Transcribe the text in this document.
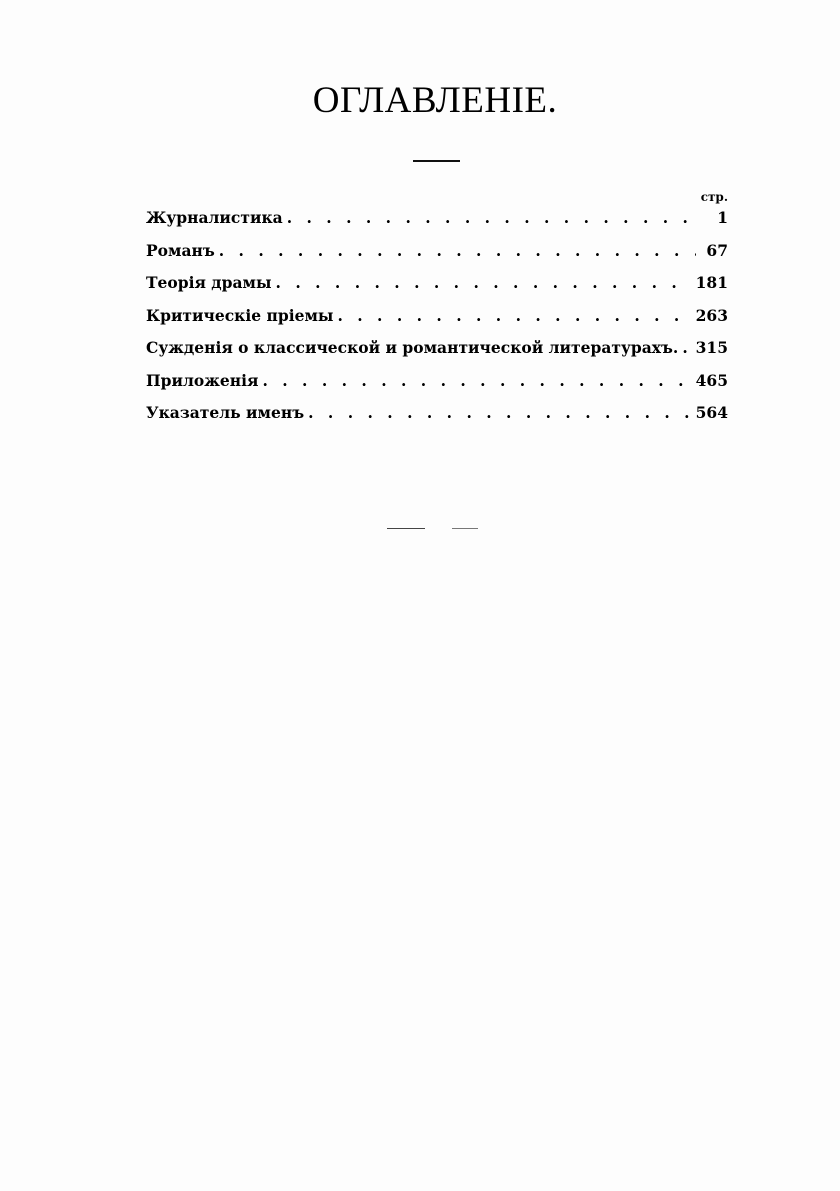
ОГЛАВЛЕНІЕ.
стр.
Журналистика . . .	1
Романъ . . .	67
Теорія драмы . . .	181
Критическіе пріемы . . .	263
Сужденія о классической и романтической литературахъ. . . . 315
Приложенія . . .	465
Указатель именъ . . .	564
